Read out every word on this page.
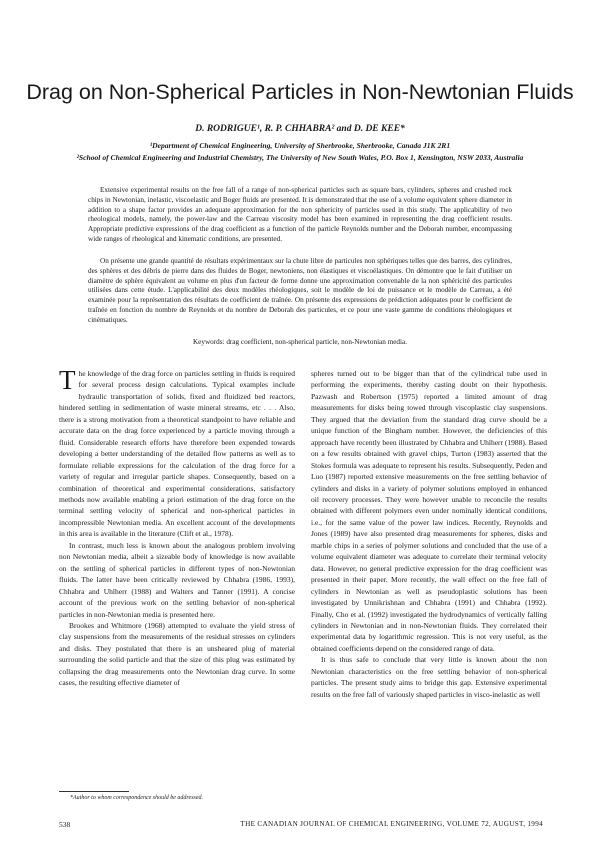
Drag on Non-Spherical Particles in Non-Newtonian Fluids
D. RODRIGUE¹, R. P. CHHABRA² and D. DE KEE*
¹Department of Chemical Engineering, University of Sherbrooke, Sherbrooke, Canada J1K 2R1
²School of Chemical Engineering and Industrial Chemistry, The University of New South Wales, P.O. Box 1, Kensington, NSW 2033, Australia

Extensive experimental results on the free fall of a range of non-spherical particles such as square bars, cylinders, spheres and crushed rock chips in Newtonian, inelastic, viscoelastic and Boger fluids are presented. It is demonstrated that the use of a volume equivalent sphere diameter in addition to a shape factor provides an adequate approximation for the non sphericity of particles used in this study. The applicability of two rheological models, namely, the power-law and the Carreau viscosity model has been examined in representing the drag coefficient results. Appropriate predictive expressions of the drag coefficient as a function of the particle Reynolds number and the Deborah number, encompassing wide ranges of rheological and kinematic conditions, are presented.

On présente une grande quantité de résultats expérimentaux sur la chute libre de particules non sphériques telles que des barres, des cylindres, des sphères et des débris de pierre dans des fluides de Boger, newtoniens, non élastiques et viscoélastiques. On démontre que le fait d'utiliser un diamètre de sphère équivalent au volume en plus d'un facteur de forme donne une approximation convenable de la non sphéricité des particules utilisées dans cette étude. L'applicabilité des deux modèles rhéologiques, soit le modèle de loi de puissance et le modèle de Carreau, a été examinée pour la représentation des résultats de coefficient de traînée. On présente des expressions de prédiction adéquates pour le coefficient de traînée en fonction du nombre de Reynolds et du nombre de Deborah des particules, et ce pour une vaste gamme de conditions rhéologiques et cinématiques.

Keywords: drag coefficient, non-spherical particle, non-Newtonian media.

The knowledge of the drag force on particles settling in fluids is required for several process design calculations. Typical examples include hydraulic transportation of solids, fixed and fluidized bed reactors, hindered settling in sedimentation of waste mineral streams, etc . . . Also, there is a strong motivation from a theoretical standpoint to have reliable and accurate data on the drag force experienced by a particle moving through a fluid. Considerable research efforts have therefore been expended towards developing a better understanding of the detailed flow patterns as well as to formulate reliable expressions for the calculation of the drag force for a variety of regular and irregular particle shapes. Consequently, based on a combination of theoretical and experimental considerations, satisfactory methods now available enabling a priori estimation of the drag force on the terminal settling velocity of spherical and non-spherical particles in incompressible Newtonian media. An excellent account of the developments in this area is available in the literature (Clift et al., 1978).

In contrast, much less is known about the analogous problem involving non Newtonian media, albeit a sizeable body of knowledge is now available on the settling of spherical particles in different types of non-Newtonian fluids. The latter have been critically reviewed by Chhabra (1986, 1993), Chhabra and Uhlherr (1988) and Walters and Tanner (1991). A concise account of the previous work on the settling behavior of non-spherical particles in non-Newtonian media is presented here.

Brookes and Whitmore (1968) attempted to evaluate the yield stress of clay suspensions from the measurements of the residual stresses on cylinders and disks. They postulated that there is an unsheared plug of material surrounding the solid particle and that the size of this plug was estimated by collapsing the drag measurements onto the Newtonian drag curve. In some cases, the resulting effective diameter of

spheres turned out to be bigger than that of the cylindrical tube used in performing the experiments, thereby casting doubt on their hypothesis. Pazwash and Robertson (1975) reported a limited amount of drag measurements for disks being towed through viscoplastic clay suspensions. They argued that the deviation from the standard drag curve should be a unique function of the Bingham number. However, the deficiencies of this approach have recently been illustrated by Chhabra and Uhlherr (1988). Based on a few results obtained with gravel chips, Turton (1983) asserted that the Stokes formula was adequate to represent his results. Subsequently, Peden and Luo (1987) reported extensive measurements on the free settling behavior of cylinders and disks in a variety of polymer solutions employed in enhanced oil recovery processes. They were however unable to reconcile the results obtained with different polymers even under nominally identical conditions, i.e., for the same value of the power law indices. Recently, Reynolds and Jones (1989) have also presented drag measurements for spheres, disks and marble chips in a series of polymer solutions and concluded that the use of a volume equivalent diameter was adequate to correlate their terminal velocity data. However, no general predictive expression for the drag coefficient was presented in their paper. More recently, the wall effect on the free fall of cylinders in Newtonian as well as pseudoplastic solutions has been investigated by Unnikrishnan and Chhabra (1991) and Chhabra (1992). Finally, Cho et al. (1992) investigated the hydrodynamics of vertically falling cylinders in Newtonian and in non-Newtonian fluids. They correlated their experimental data by logarithmic regression. This is not very useful, as the obtained coefficients depend on the considered range of data.

It is thus safe to conclude that very little is known about the non Newtonian characteristics on the free settling behavior of non-spherical particles. The present study aims to bridge this gap. Extensive experimental results on the free fall of variously shaped particles in visco-inelastic as well

*Author to whom correspondence should be addressed.
538	THE CANADIAN JOURNAL OF CHEMICAL ENGINEERING, VOLUME 72, AUGUST, 1994
